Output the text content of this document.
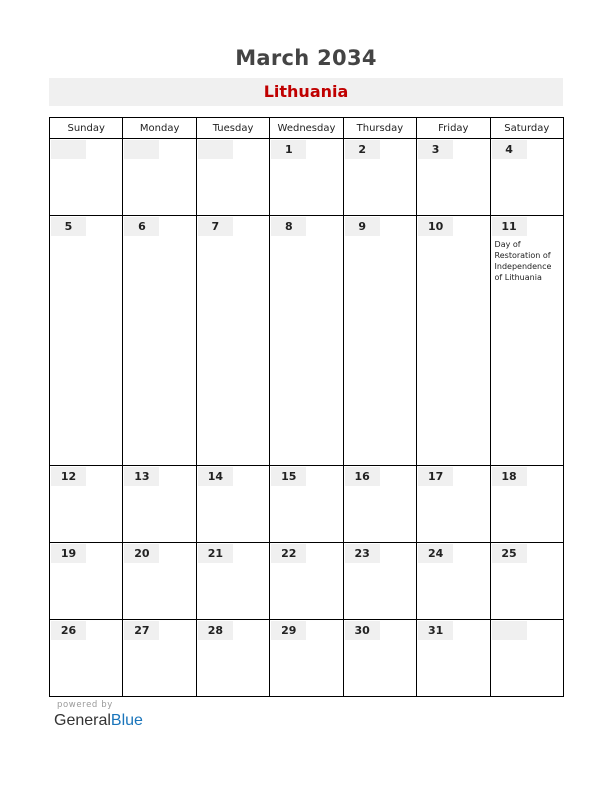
March 2034
Lithuania
Sunday	Monday	Tuesday	Wednesday	Thursday	Friday	Saturday

			1	2	3	4

5	6	7	8	9	10	11
Day of Restoration of Independence of Lithuania

12	13	14	15	16	17	18

19	20	21	22	23	24	25

26	27	28	29	30	31	

powered by
GeneralBlue
